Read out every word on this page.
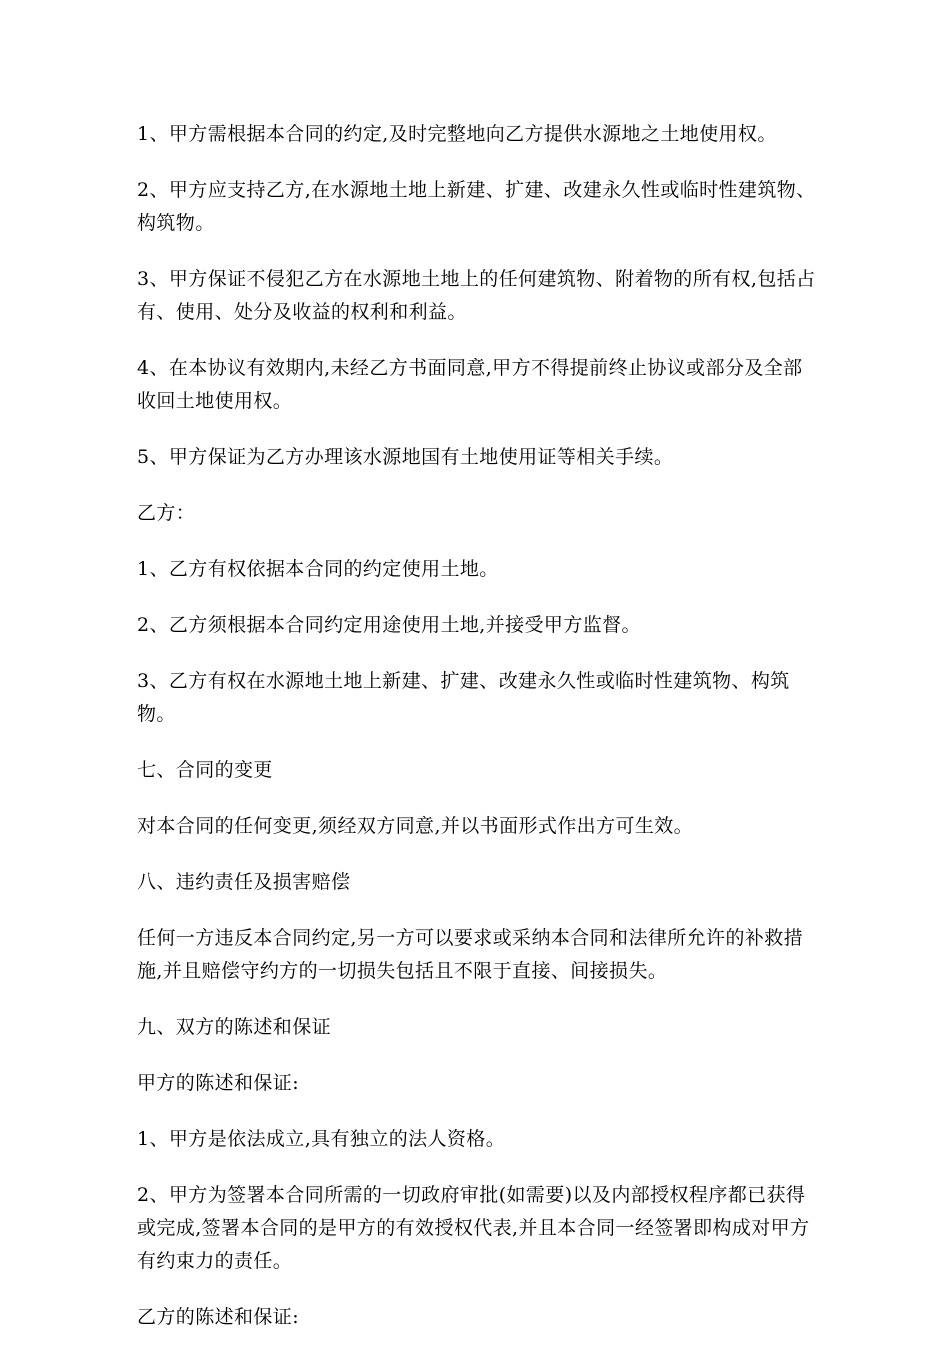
1、甲方需根据本合同的约定,及时完整地向乙方提供水源地之土地使用权。

2、甲方应支持乙方,在水源地土地上新建、扩建、改建永久性或临时性建筑物、构筑物。

3、甲方保证不侵犯乙方在水源地土地上的任何建筑物、附着物的所有权,包括占有、使用、处分及收益的权利和利益。

4、在本协议有效期内,未经乙方书面同意,甲方不得提前终止协议或部分及全部收回土地使用权。

5、甲方保证为乙方办理该水源地国有土地使用证等相关手续。

乙方：

1、乙方有权依据本合同的约定使用土地。

2、乙方须根据本合同约定用途使用土地,并接受甲方监督。

3、乙方有权在水源地土地上新建、扩建、改建永久性或临时性建筑物、构筑物。

七、合同的变更

对本合同的任何变更,须经双方同意,并以书面形式作出方可生效。

八、违约责任及损害赔偿

任何一方违反本合同约定,另一方可以要求或采纳本合同和法律所允许的补救措施,并且赔偿守约方的一切损失包括且不限于直接、间接损失。

九、双方的陈述和保证

甲方的陈述和保证:

1、甲方是依法成立,具有独立的法人资格。

2、甲方为签署本合同所需的一切政府审批(如需要)以及内部授权程序都已获得或完成,签署本合同的是甲方的有效授权代表,并且本合同一经签署即构成对甲方有约束力的责任。

乙方的陈述和保证:
